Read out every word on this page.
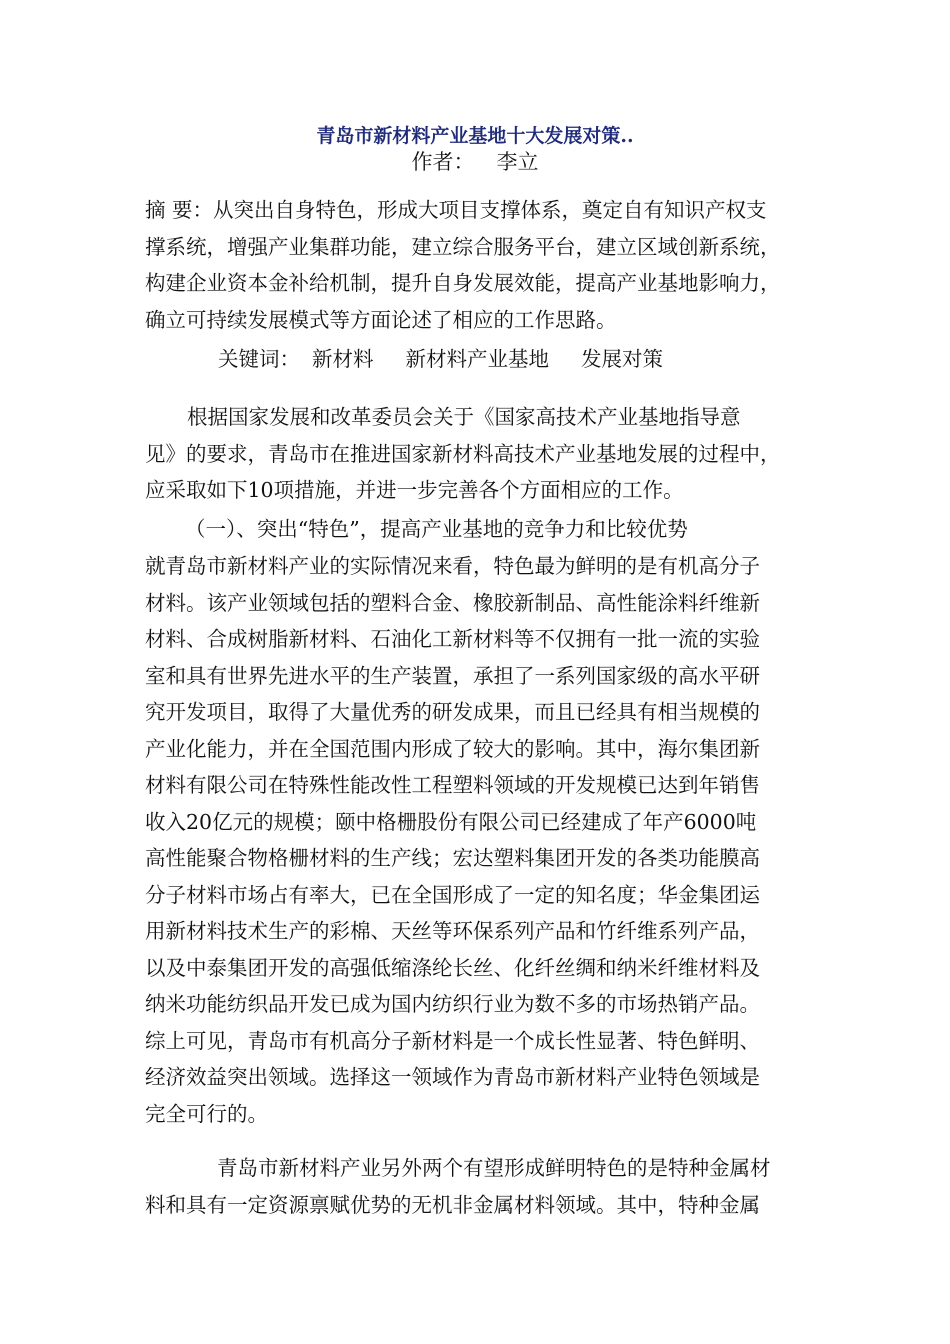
青岛市新材料产业基地十大发展对策..
作者： 李立
摘 要：从突出自身特色，形成大项目支撑体系，奠定自有知识产权支
撑系统，增强产业集群功能，建立综合服务平台，建立区域创新系统，
构建企业资本金补给机制，提升自身发展效能，提高产业基地影响力，
确立可持续发展模式等方面论述了相应的工作思路。
关键词： 新材料 新材料产业基地 发展对策
根据国家发展和改革委员会关于《国家高技术产业基地指导意
见》的要求，青岛市在推进国家新材料高技术产业基地发展的过程中，
应采取如下10项措施，并进一步完善各个方面相应的工作。
（一）、突出“特色”，提高产业基地的竞争力和比较优势
就青岛市新材料产业的实际情况来看，特色最为鲜明的是有机高分子
材料。该产业领域包括的塑料合金、橡胶新制品、高性能涂料纤维新
材料、合成树脂新材料、石油化工新材料等不仅拥有一批一流的实验
室和具有世界先进水平的生产装置，承担了一系列国家级的高水平研
究开发项目，取得了大量优秀的研发成果，而且已经具有相当规模的
产业化能力，并在全国范围内形成了较大的影响。其中，海尔集团新
材料有限公司在特殊性能改性工程塑料领域的开发规模已达到年销售
收入20亿元的规模；颐中格栅股份有限公司已经建成了年产6000吨
高性能聚合物格栅材料的生产线；宏达塑料集团开发的各类功能膜高
分子材料市场占有率大，已在全国形成了一定的知名度；华金集团运
用新材料技术生产的彩棉、天丝等环保系列产品和竹纤维系列产品，
以及中泰集团开发的高强低缩涤纶长丝、化纤丝绸和纳米纤维材料及
纳米功能纺织品开发已成为国内纺织行业为数不多的市场热销产品。
综上可见，青岛市有机高分子新材料是一个成长性显著、特色鲜明、
经济效益突出领域。选择这一领域作为青岛市新材料产业特色领域是
完全可行的。
青岛市新材料产业另外两个有望形成鲜明特色的是特种金属材
料和具有一定资源禀赋优势的无机非金属材料领域。其中，特种金属
